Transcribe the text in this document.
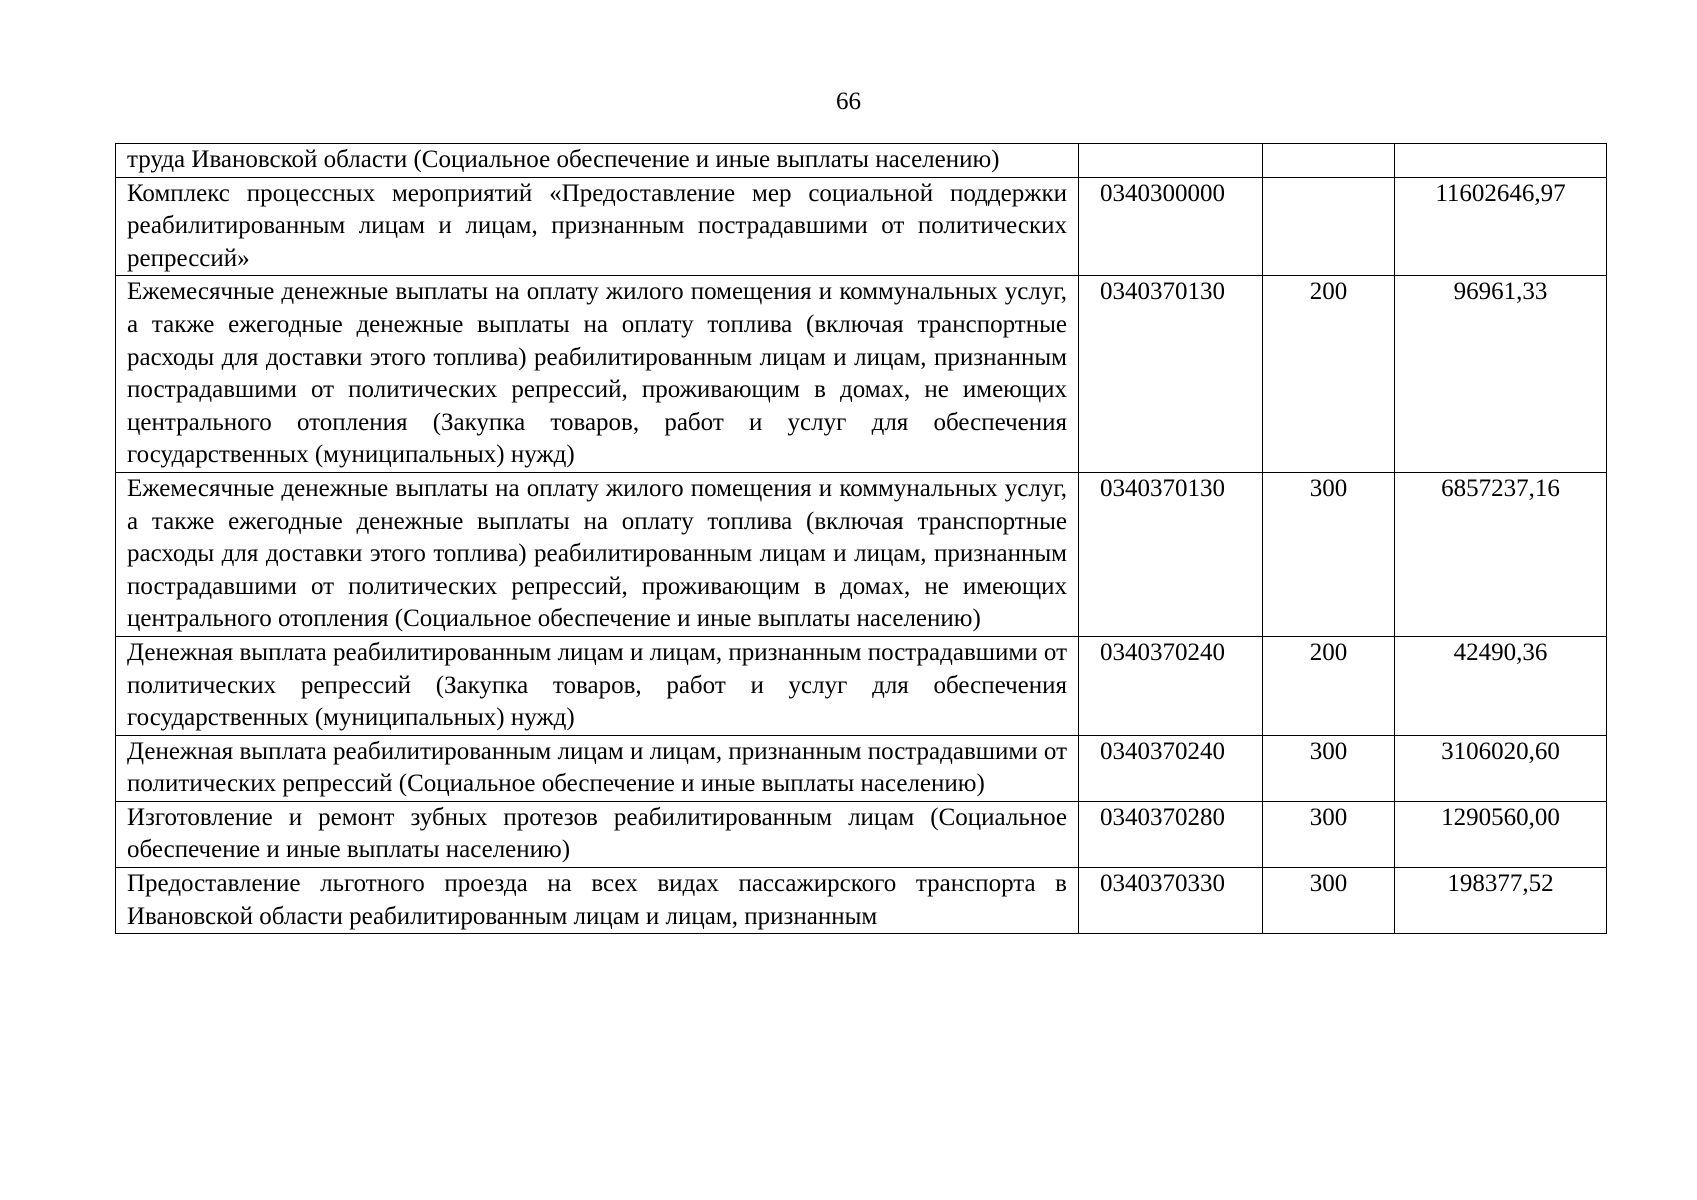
66
труда Ивановской области (Социальное обеспечение и иные выплаты населению)			
Комплекс процессных мероприятий «Предоставление мер социальной поддержки реабилитированным лицам и лицам, признанным пострадавшими от политических репрессий»	0340300000		11602646,97
Ежемесячные денежные выплаты на оплату жилого помещения и коммунальных услуг, а также ежегодные денежные выплаты на оплату топлива (включая транспортные расходы для доставки этого топлива) реабилитированным лицам и лицам, признанным пострадавшими от политических репрессий, проживающим в домах, не имеющих центрального отопления (Закупка товаров, работ и услуг для обеспечения государственных (муниципальных) нужд)	0340370130	200	96961,33
Ежемесячные денежные выплаты на оплату жилого помещения и коммунальных услуг, а также ежегодные денежные выплаты на оплату топлива (включая транспортные расходы для доставки этого топлива) реабилитированным лицам и лицам, признанным пострадавшими от политических репрессий, проживающим в домах, не имеющих центрального отопления (Социальное обеспечение и иные выплаты населению)	0340370130	300	6857237,16
Денежная выплата реабилитированным лицам и лицам, признанным пострадавшими от политических репрессий (Закупка товаров, работ и услуг для обеспечения государственных (муниципальных) нужд)	0340370240	200	42490,36
Денежная выплата реабилитированным лицам и лицам, признанным пострадавшими от политических репрессий (Социальное обеспечение и иные выплаты населению)	0340370240	300	3106020,60
Изготовление и ремонт зубных протезов реабилитированным лицам (Социальное обеспечение и иные выплаты населению)	0340370280	300	1290560,00
Предоставление льготного проезда на всех видах пассажирского транспорта в Ивановской области реабилитированным лицам и лицам, признанным	0340370330	300	198377,52
